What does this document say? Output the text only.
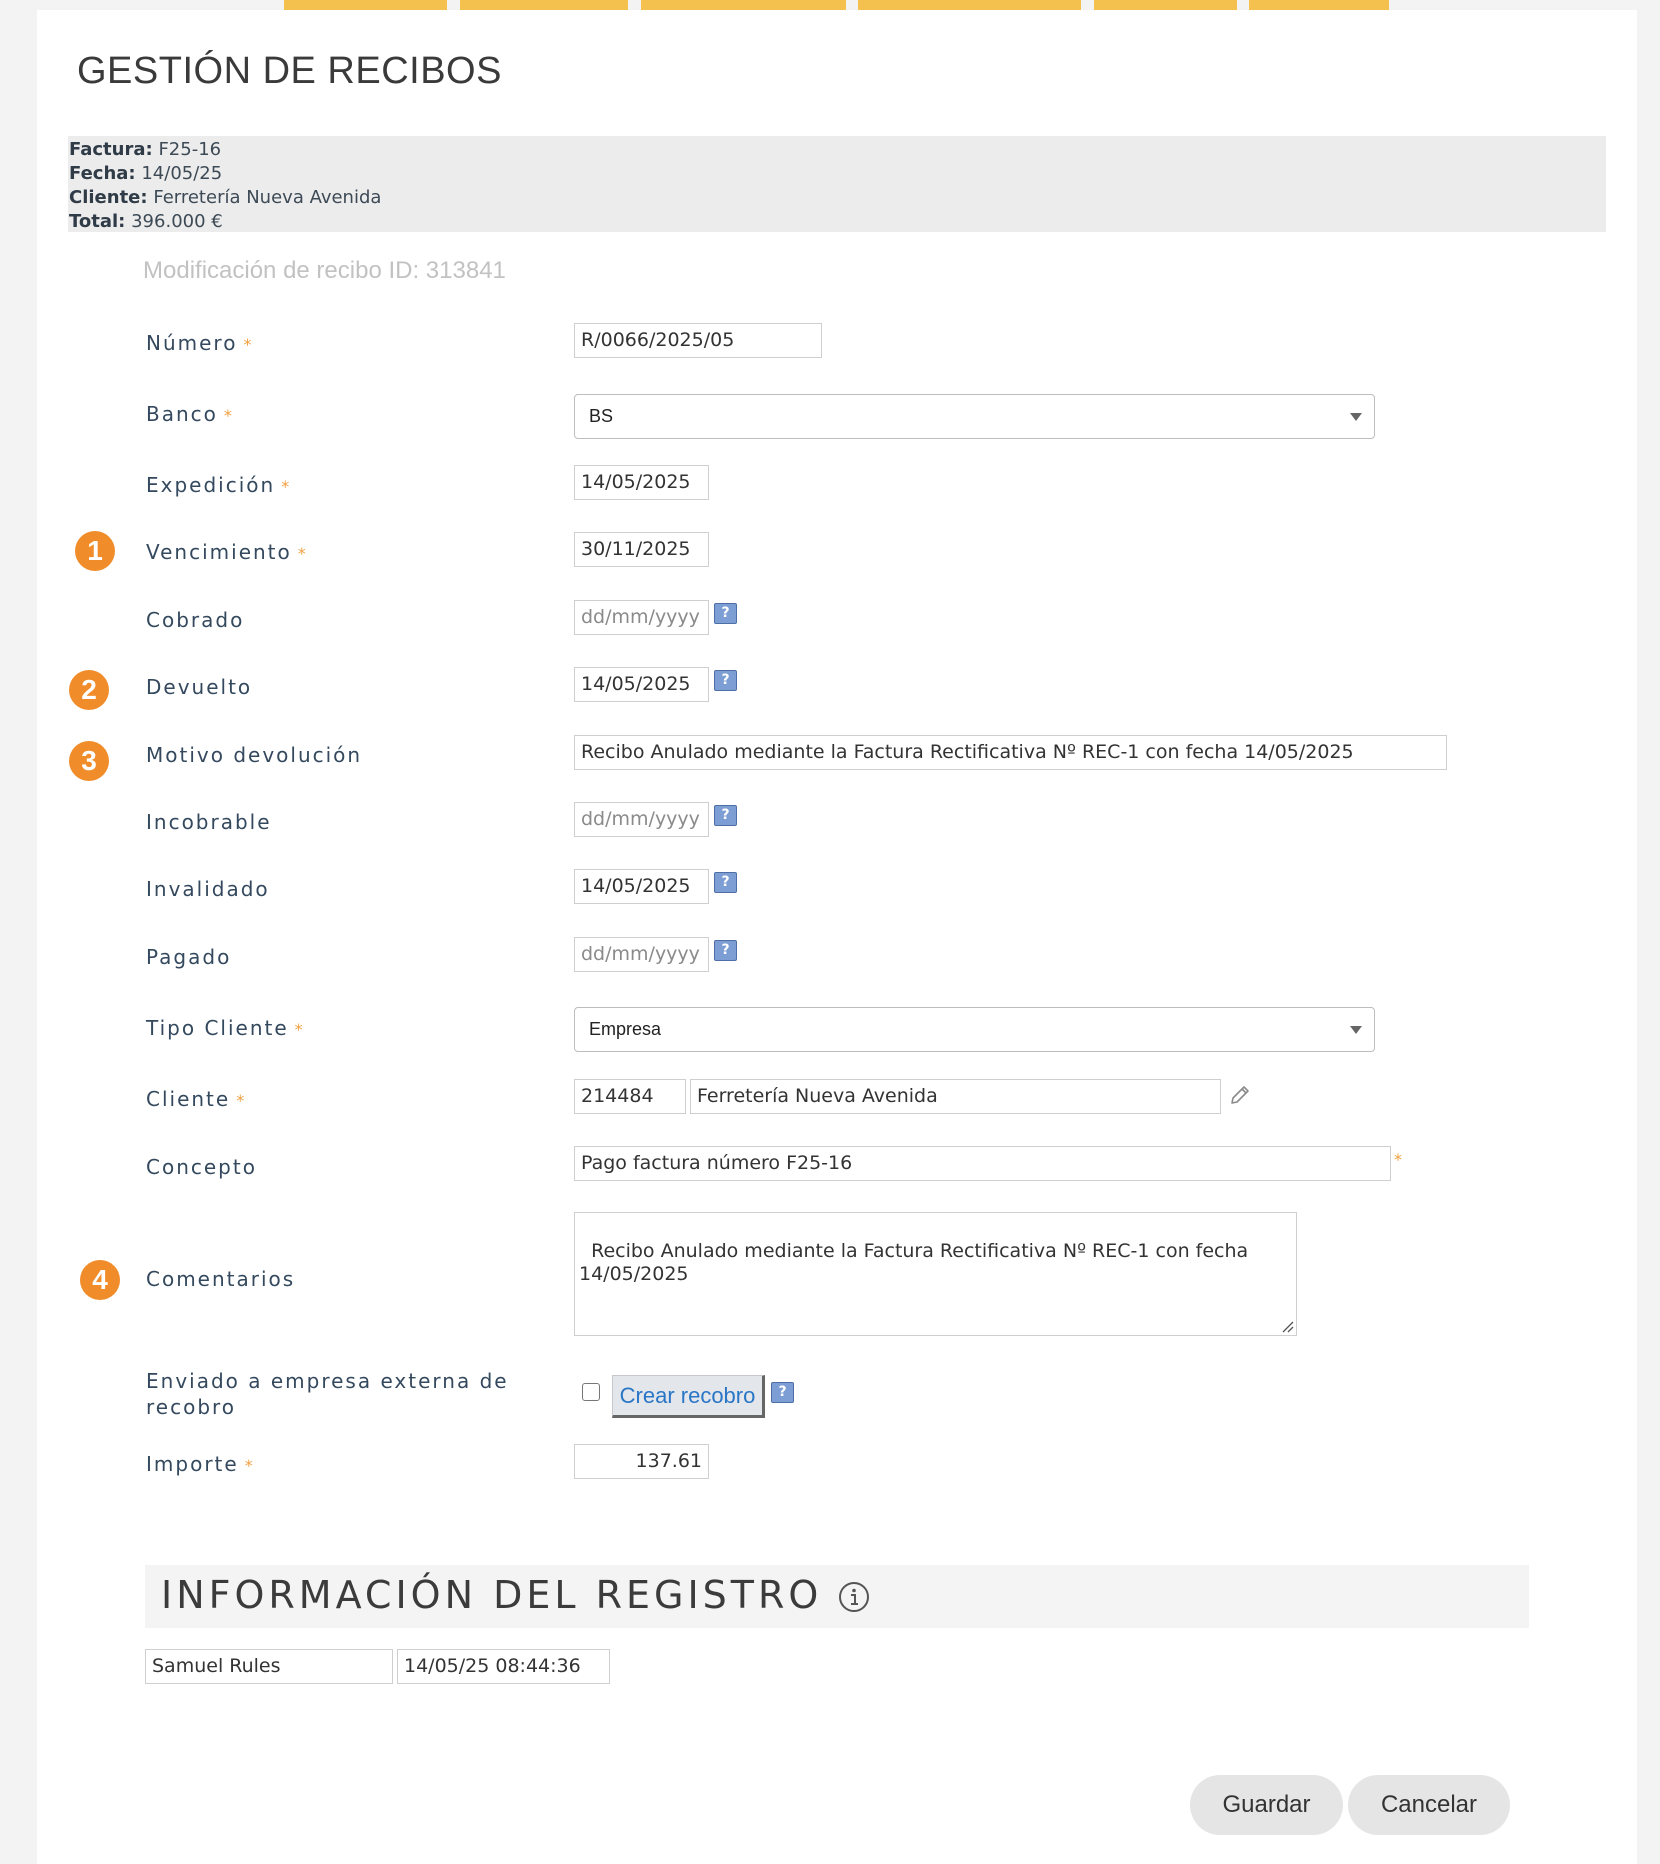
GESTIÓN DE RECIBOS
Factura: F25-16
Fecha: 14/05/25
Cliente: Ferretería Nueva Avenida
Total: 396.000 €
Modificación de recibo ID: 313841
1
2
3
4
Número *	R/0066/2025/05
Banco *	BS
Expedición *	14/05/2025
Vencimiento *	30/11/2025
Cobrado	dd/mm/yyyy	?
Devuelto	14/05/2025	?
Motivo devolución	Recibo Anulado mediante la Factura Rectificativa Nº REC-1 con fecha 14/05/2025
Incobrable	dd/mm/yyyy	?
Invalidado	14/05/2025	?
Pagado	dd/mm/yyyy	?
Tipo Cliente *	Empresa
Cliente *	214484	Ferretería Nueva Avenida
Concepto	Pago factura número F25-16	*
Comentarios

Recibo Anulado mediante la Factura Rectificativa Nº REC-1 con fecha
14/05/2025

Enviado a empresa externa de
recobro	Crear recobro	?
Importe *	137.61
INFORMACIÓN DEL REGISTRO
Samuel Rules	14/05/25 08:44:36
Guardar	Cancelar
